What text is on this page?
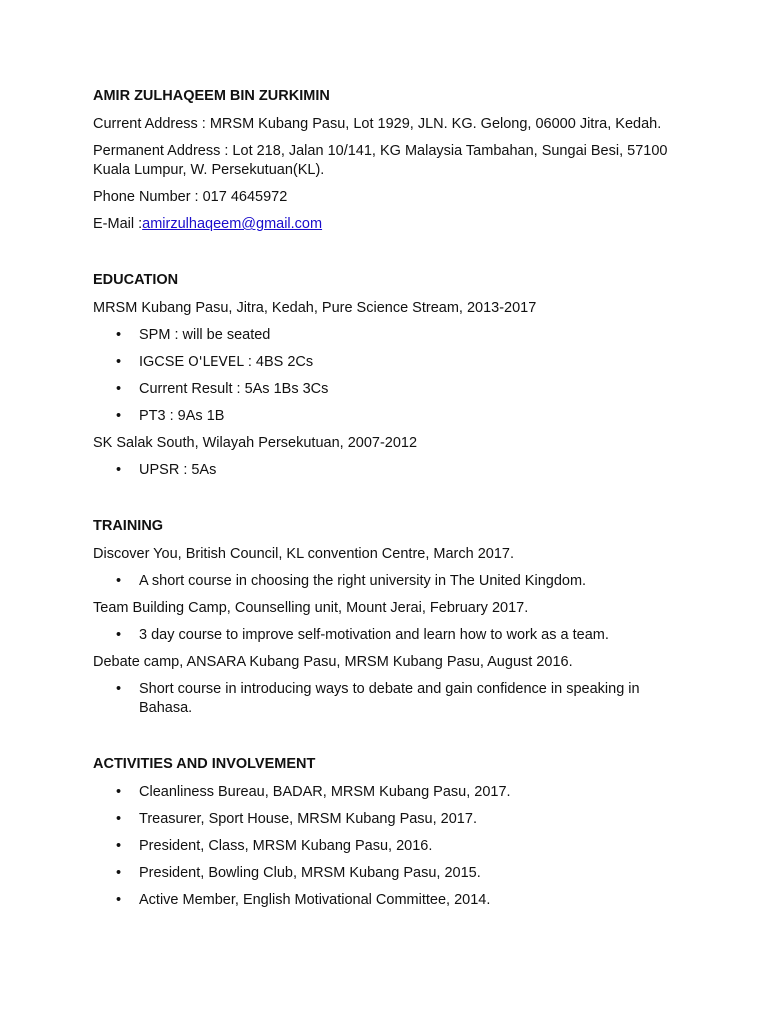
AMIR ZULHAQEEM BIN ZURKIMIN
Current Address : MRSM Kubang Pasu, Lot 1929, JLN. KG. Gelong, 06000 Jitra, Kedah.
Permanent Address : Lot 218, Jalan 10/141, KG Malaysia Tambahan, Sungai Besi, 57100 Kuala Lumpur, W. Persekutuan(KL).
Phone Number : 017 4645972
E-Mail :amirzulhaqeem@gmail.com
EDUCATION
MRSM Kubang Pasu, Jitra, Kedah, Pure Science Stream, 2013-2017
• SPM : will be seated
• IGCSE O'LEVEL : 4BS 2Cs
• Current Result : 5As 1Bs 3Cs
• PT3 : 9As 1B
SK Salak South, Wilayah Persekutuan, 2007-2012
• UPSR : 5As
TRAINING
Discover You, British Council, KL convention Centre, March 2017.
• A short course in choosing the right university in The United Kingdom.
Team Building Camp, Counselling unit, Mount Jerai, February 2017.
• 3 day course to improve self-motivation and learn how to work as a team.
Debate camp, ANSARA Kubang Pasu, MRSM Kubang Pasu, August 2016.
• Short course in introducing ways to debate and gain confidence in speaking in Bahasa.
ACTIVITIES AND INVOLVEMENT
• Cleanliness Bureau, BADAR, MRSM Kubang Pasu, 2017.
• Treasurer, Sport House, MRSM Kubang Pasu, 2017.
• President, Class, MRSM Kubang Pasu, 2016.
• President, Bowling Club, MRSM Kubang Pasu, 2015.
• Active Member, English Motivational Committee, 2014.
